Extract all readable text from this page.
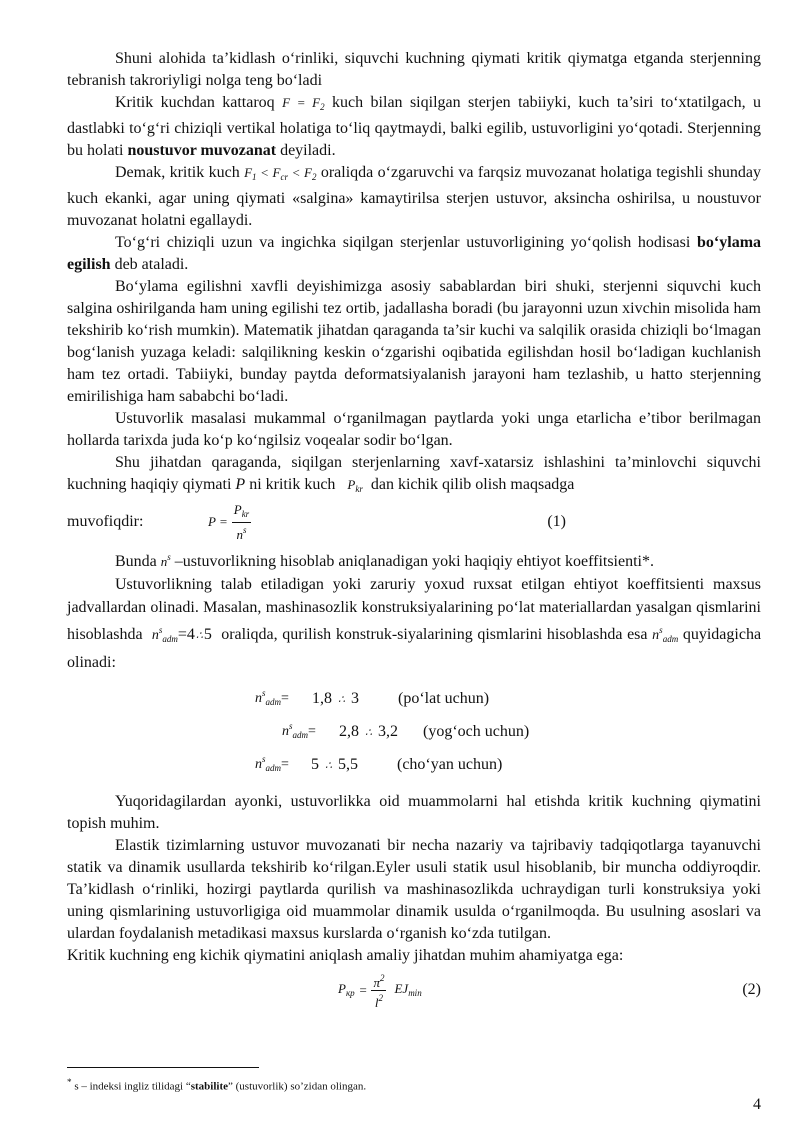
Shuni alohida ta’kidlash o‘rinliki, siquvchi kuchning qiymati kritik qiymatga etganda sterjenning tebranish takroriyligi nolga teng bo‘ladi

Kritik kuchdan kattaroq $F = F_2$ kuch bilan siqilgan sterjen tabiiyki, kuch ta’siri to‘xtatilgach, u dastlabki to‘g‘ri chiziqli vertikal holatiga to‘liq qaytmaydi, balki egilib, ustuvorligini yo‘qotadi. Sterjenning bu holati noustuvor muvozanat deyiladi.

Demak, kritik kuch $F_1 < F_{cr} < F_2$ oraliqda o‘zgaruvchi va farqsiz muvozanat holatiga tegishli shunday kuch ekanki, agar uning qiymati «salgina» kamaytirilsa sterjen ustuvor, aksincha oshirilsa, u noustuvor muvozanat holatni egallaydi.

To‘g‘ri chiziqli uzun va ingichka siqilgan sterjenlar ustuvorligining yo‘qolish hodisasi bo‘ylama egilish deb ataladi.

Bo‘ylama egilishni xavfli deyishimizga asosiy sabablardan biri shuki, sterjenni siquvchi kuch salgina oshirilganda ham uning egilishi tez ortib, jadallasha boradi (bu jarayonni uzun xivchin misolida ham tekshirib ko‘rish mumkin). Matematik jihatdan qaraganda ta’sir kuchi va salqilik orasida chiziqli bo‘lmagan bog‘lanish yuzaga keladi: salqilikning keskin o‘zgarishi oqibatida egilishdan hosil bo‘ladigan kuchlanish ham tez ortadi. Tabiiyki, bunday paytda deformatsiyalanish jarayoni ham tezlashib, u hatto sterjenning emirilishiga ham sababchi bo‘ladi.

Ustuvorlik masalasi mukammal o‘rganilmagan paytlarda yoki unga etarlicha e’tibor berilmagan hollarda tarixda juda ko‘p ko‘ngilsiz voqealar sodir bo‘lgan.

Shu jihatdan qaraganda, siqilgan sterjenlarning xavf-xatarsiz ishlashini ta’minlovchi siquvchi kuchning haqiqiy qiymati P ni kritik kuch $P_{kr}$ dan kichik qilib olish maqsadga

muvofiqdir:	$P = \frac{P_{kr}}{n^s}$	(1)

Bunda $n^s$ –ustuvorlikning hisoblab aniqlanadigan yoki haqiqiy ehtiyot koeffitsienti*.

Ustuvorlikning talab etiladigan yoki zaruriy yoxud ruxsat etilgan ehtiyot koeffitsienti maxsus jadvallardan olinadi. Masalan, mashinasozlik konstruksiyalarining po‘lat materiallardan yasalgan qismlarini hisoblashda $n^s_{adm}=4\therefore 5$ oraliqda, qurilish konstruk-siyalarining qismlarini hisoblashda esa $n^s_{adm}$ quyidagicha olinadi:

$n^s_{adm}= 1,8$ ∴ 3 (po‘lat uchun)
$n^s_{adm}= 2,8$ ∴ 3,2 (yog‘och uchun)
$n^s_{adm}= 5$ ∴ 5,5 (cho‘yan uchun)

Yuqoridagilardan ayonki, ustuvorlikka oid muammolarni hal etishda kritik kuchning qiymatini topish muhim.

Elastik tizimlarning ustuvor muvozanati bir necha nazariy va tajribaviy tadqiqotlarga tayanuvchi statik va dinamik usullarda tekshirib ko‘rilgan.Eyler usuli statik usul hisoblanib, bir muncha oddiyroqdir. Ta’kidlash o‘rinliki, hozirgi paytlarda qurilish va mashinasozlikda uchraydigan turli konstruksiya yoki uning qismlarining ustuvorligiga oid muammolar dinamik usulda o‘rganilmoqda. Bu usulning asoslari va ulardan foydalanish metadikasi maxsus kurslarda o‘rganish ko‘zda tutilgan.

Kritik kuchning eng kichik qiymatini aniqlash amaliy jihatdan muhim ahamiyatga ega:

$P_{кр} = \frac{\pi^2}{l^2} EJ_{min}$	(2)
* s – indeksi ingliz tilidagi “stabilite” (ustuvorlik) so’zidan olingan.
4
